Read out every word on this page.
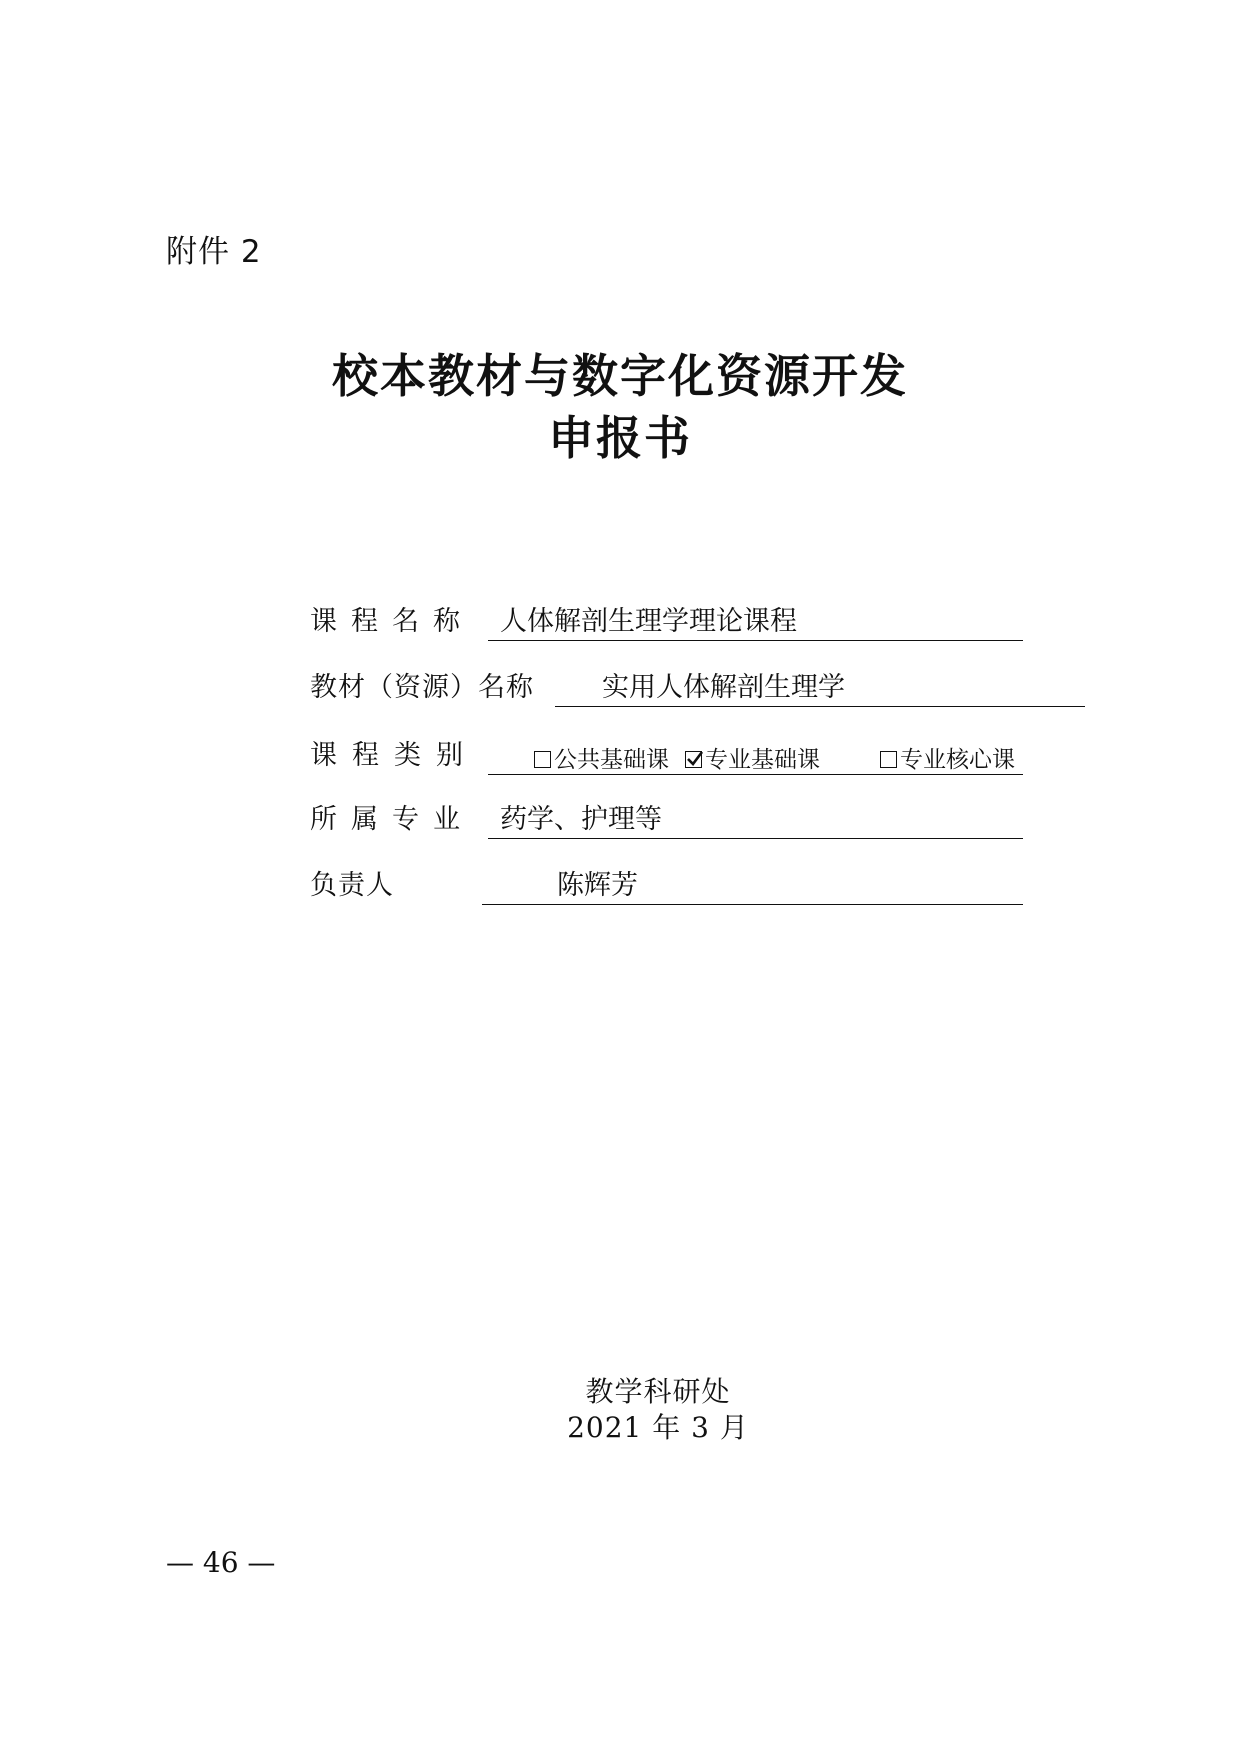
附件 2
校本教材与数字化资源开发
申报书
课程名称 人体解剖生理学理论课程
教材（资源）名称	实用人体解剖生理学
课程类别	公共基础课	专业基础课	专业核心课
所属专业 药学、护理等
负责人	陈辉芳
教学科研处
2021 年 3 月
— 46 —
